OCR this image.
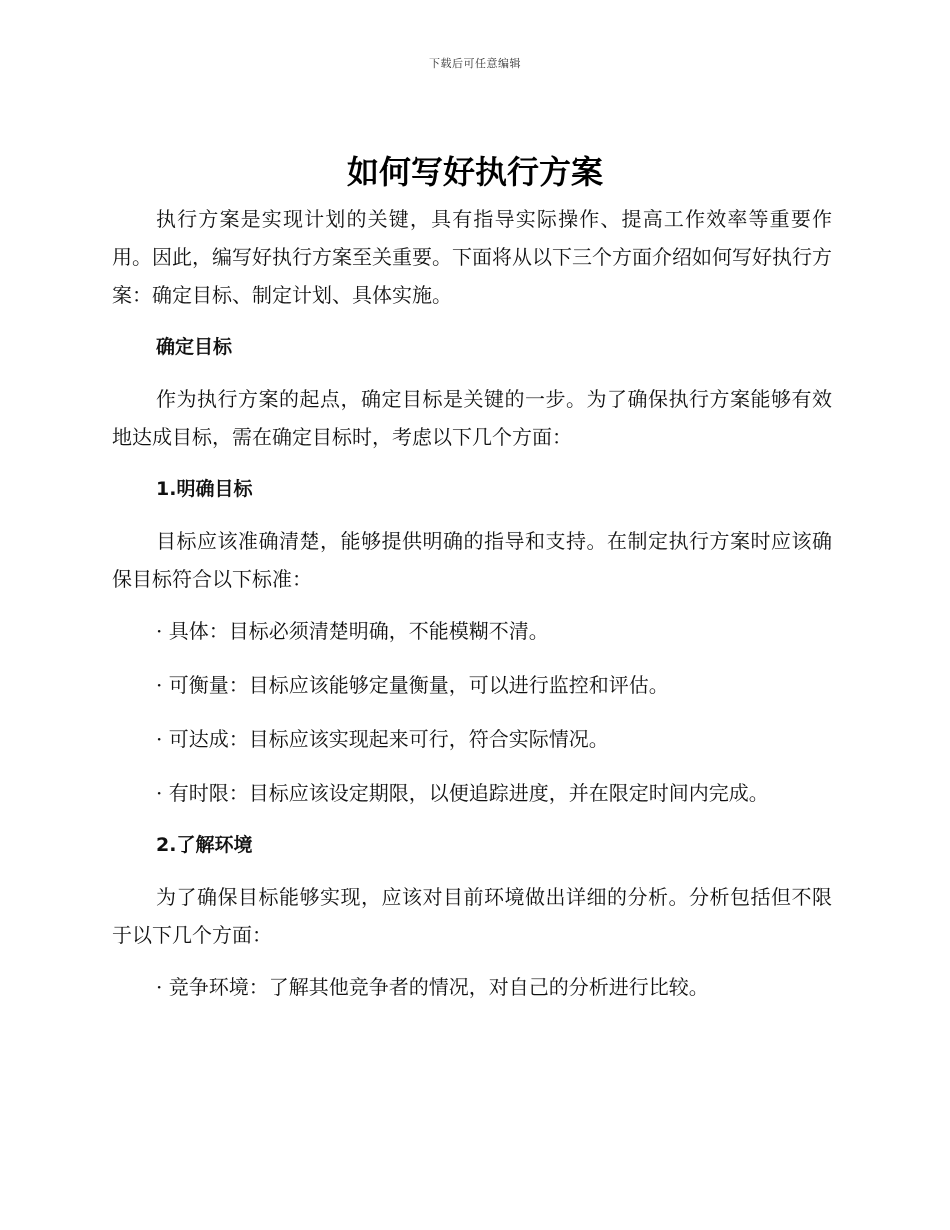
下载后可任意编辑
如何写好执行方案

执行方案是实现计划的关键，具有指导实际操作、提高工作效率等重要作用。因此，编写好执行方案至关重要。下面将从以下三个方面介绍如何写好执行方案：确定目标、制定计划、具体实施。

确定目标

作为执行方案的起点，确定目标是关键的一步。为了确保执行方案能够有效地达成目标，需在确定目标时，考虑以下几个方面：

1.明确目标

目标应该准确清楚，能够提供明确的指导和支持。在制定执行方案时应该确保目标符合以下标准：

· 具体：目标必须清楚明确，不能模糊不清。

· 可衡量：目标应该能够定量衡量，可以进行监控和评估。

· 可达成：目标应该实现起来可行，符合实际情况。

· 有时限：目标应该设定期限，以便追踪进度，并在限定时间内完成。

2.了解环境

为了确保目标能够实现，应该对目前环境做出详细的分析。分析包括但不限于以下几个方面：

· 竞争环境：了解其他竞争者的情况，对自己的分析进行比较。
